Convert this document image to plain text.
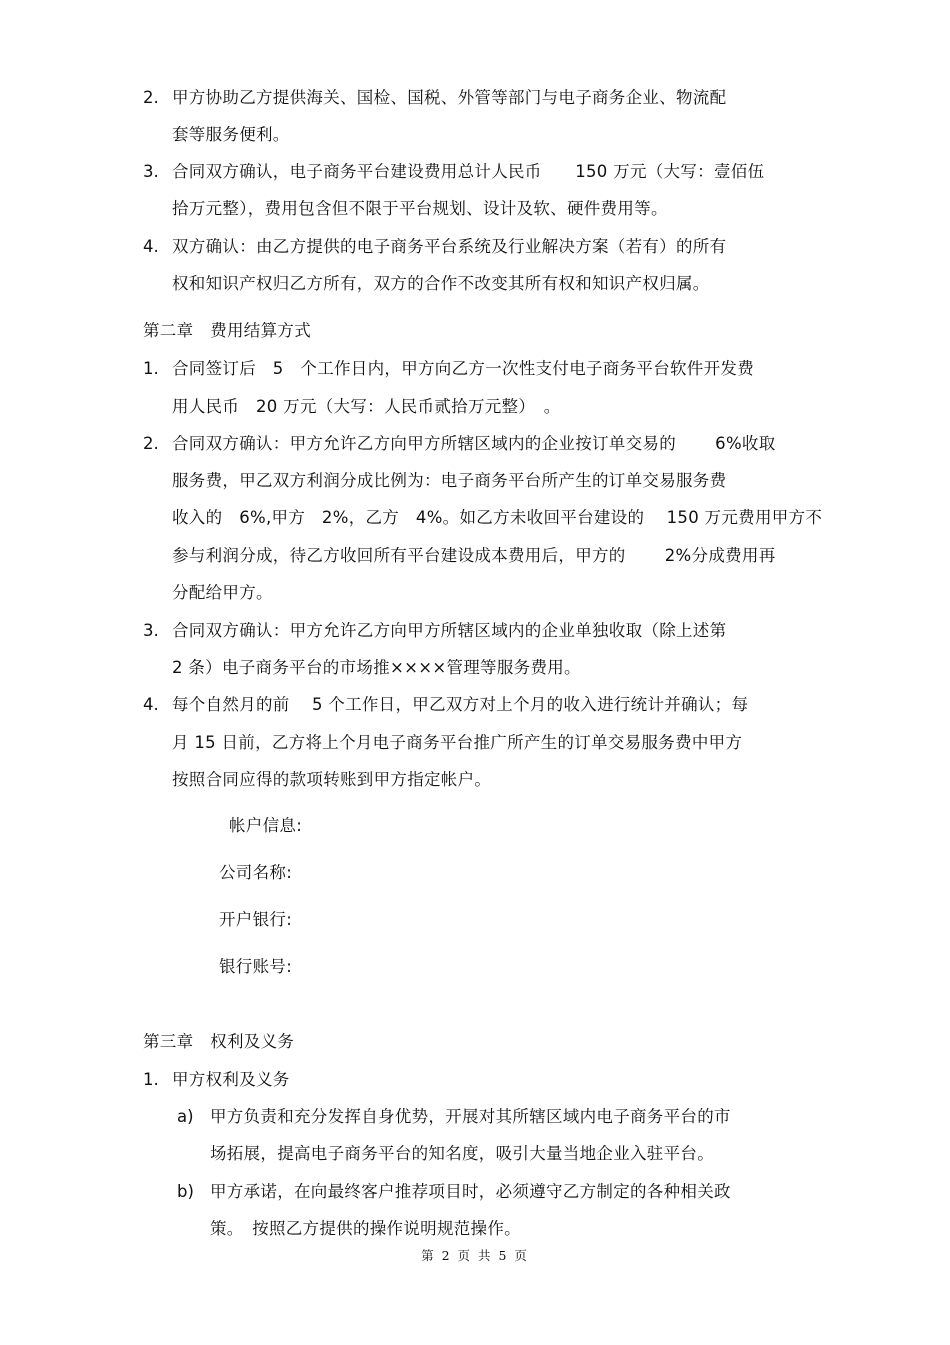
2. 甲方协助乙方提供海关、国检、国税、外管等部门与电子商务企业、物流配
套等服务便利。
3. 合同双方确认，电子商务平台建设费用总计人民币　　150 万元（大写：壹佰伍
拾万元整），费用包含但不限于平台规划、设计及软、硬件费用等。
4. 双方确认：由乙方提供的电子商务平台系统及行业解决方案（若有）的所有
权和知识产权归乙方所有，双方的合作不改变其所有权和知识产权归属。
第二章　费用结算方式
1. 合同签订后　5　个工作日内，甲方向乙方一次性支付电子商务平台软件开发费
用人民币　20 万元（大写：人民币贰拾万元整）　。
2. 合同双方确认：甲方允许乙方向甲方所辖区域内的企业按订单交易的　　 6%收取
服务费，甲乙双方利润分成比例为：电子商务平台所产生的订单交易服务费
收入的　6%,甲方　2%，乙方　4%。如乙方未收回平台建设的　 150 万元费用甲方不
参与利润分成，待乙方收回所有平台建设成本费用后，甲方的　　 2%分成费用再
分配给甲方。
3. 合同双方确认：甲方允许乙方向甲方所辖区域内的企业单独收取（除上述第
2 条）电子商务平台的市场推××××管理等服务费用。
4. 每个自然月的前　 5 个工作日，甲乙双方对上个月的收入进行统计并确认；每
月 15 日前，乙方将上个月电子商务平台推广所产生的订单交易服务费中甲方
按照合同应得的款项转账到甲方指定帐户。
帐户信息:
公司名称:
开户银行:
银行账号:
第三章　权利及义务
1. 甲方权利及义务
a) 甲方负责和充分发挥自身优势，开展对其所辖区域内电子商务平台的市
场拓展，提高电子商务平台的知名度，吸引大量当地企业入驻平台。
b) 甲方承诺，在向最终客户推荐项目时，必须遵守乙方制定的各种相关政
策。　按照乙方提供的操作说明规范操作。
第 2 页 共 5 页
